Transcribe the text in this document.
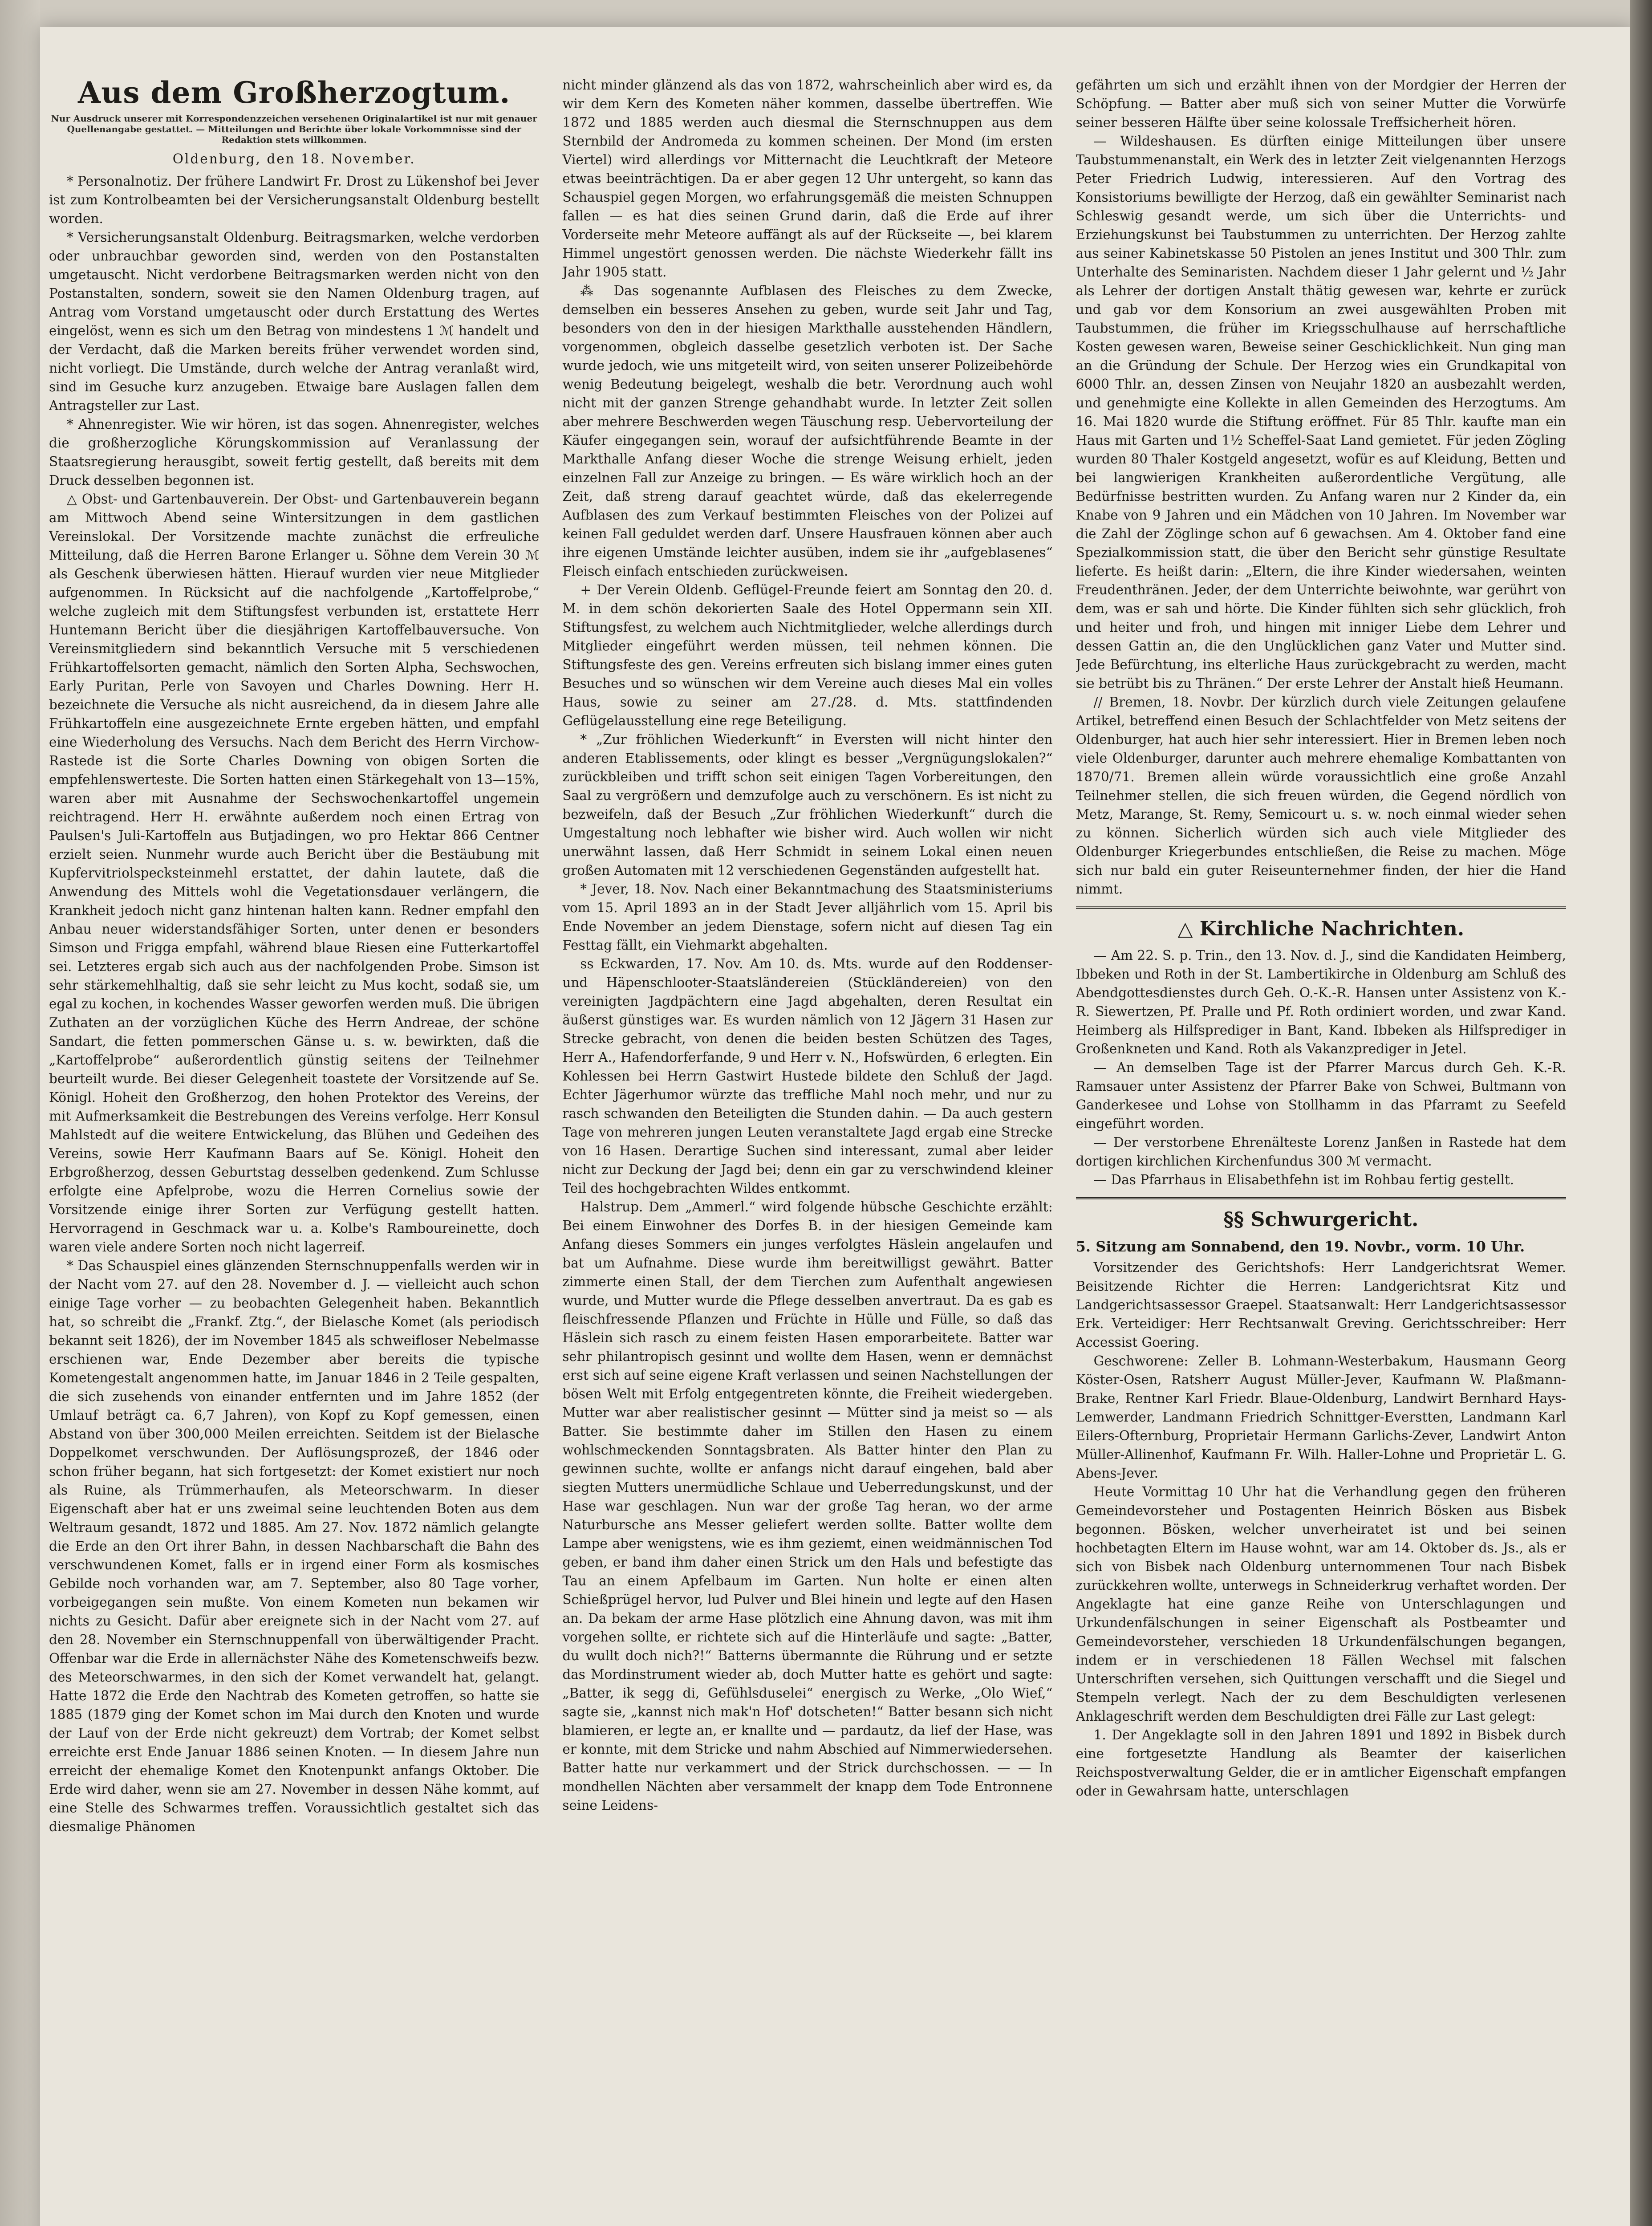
Aus dem Großherzogtum.
Nur Ausdruck unserer mit Korrespondenzzeichen versehenen Originalartikel ist nur mit genauer Quellenangabe gestattet. — Mitteilungen und Berichte über lokale Vorkommnisse sind der Redaktion stets willkommen.
Oldenburg, den 18. November.

* Personalnotiz. Der frühere Landwirt Fr. Drost zu Lükenshof bei Jever ist zum Kontrolbeamten bei der Versicherungsanstalt Oldenburg bestellt worden.

* Versicherungsanstalt Oldenburg. Beitragsmarken, welche verdorben oder unbrauchbar geworden sind, werden von den Postanstalten umgetauscht. Nicht verdorbene Beitragsmarken werden nicht von den Postanstalten, sondern, soweit sie den Namen Oldenburg tragen, auf Antrag vom Vorstand umgetauscht oder durch Erstattung des Wertes eingelöst, wenn es sich um den Betrag von mindestens 1 ℳ handelt und der Verdacht, daß die Marken bereits früher verwendet worden sind, nicht vorliegt. Die Umstände, durch welche der Antrag veranlaßt wird, sind im Gesuche kurz anzugeben. Etwaige bare Auslagen fallen dem Antragsteller zur Last.

* Ahnenregister. Wie wir hören, ist das sogen. Ahnenregister, welches die großherzogliche Körungskommission auf Veranlassung der Staatsregierung herausgibt, soweit fertig gestellt, daß bereits mit dem Druck desselben begonnen ist.

△ Obst- und Gartenbauverein. Der Obst- und Gartenbauverein begann am Mittwoch Abend seine Wintersitzungen in dem gastlichen Vereinslokal. Der Vorsitzende machte zunächst die erfreuliche Mitteilung, daß die Herren Barone Erlanger u. Söhne dem Verein 30 ℳ als Geschenk überwiesen hätten. Hierauf wurden vier neue Mitglieder aufgenommen. In Rücksicht auf die nachfolgende „Kartoffelprobe,“ welche zugleich mit dem Stiftungsfest verbunden ist, erstattete Herr Huntemann Bericht über die diesjährigen Kartoffelbauversuche. Von Vereinsmitgliedern sind bekanntlich Versuche mit 5 verschiedenen Frühkartoffelsorten gemacht, nämlich den Sorten Alpha, Sechswochen, Early Puritan, Perle von Savoyen und Charles Downing. Herr H. bezeichnete die Versuche als nicht ausreichend, da in diesem Jahre alle Frühkartoffeln eine ausgezeichnete Ernte ergeben hätten, und empfahl eine Wiederholung des Versuchs. Nach dem Bericht des Herrn Virchow-Rastede ist die Sorte Charles Downing von obigen Sorten die empfehlenswerteste. Die Sorten hatten einen Stärkegehalt von 13—15%, waren aber mit Ausnahme der Sechswochenkartoffel ungemein reichtragend. Herr H. erwähnte außerdem noch einen Ertrag von Paulsen's Juli-Kartoffeln aus Butjadingen, wo pro Hektar 866 Centner erzielt seien. Nunmehr wurde auch Bericht über die Bestäubung mit Kupfervitriolspecksteinmehl erstattet, der dahin lautete, daß die Anwendung des Mittels wohl die Vegetationsdauer verlängern, die Krankheit jedoch nicht ganz hintenan halten kann. Redner empfahl den Anbau neuer widerstandsfähiger Sorten, unter denen er besonders Simson und Frigga empfahl, während blaue Riesen eine Futterkartoffel sei. Letzteres ergab sich auch aus der nachfolgenden Probe. Simson ist sehr stärkemehlhaltig, daß sie sehr leicht zu Mus kocht, sodaß sie, um egal zu kochen, in kochendes Wasser geworfen werden muß. Die übrigen Zuthaten an der vorzüglichen Küche des Herrn Andreae, der schöne Sandart, die fetten pommerschen Gänse u. s. w. bewirkten, daß die „Kartoffelprobe“ außerordentlich günstig seitens der Teilnehmer beurteilt wurde. Bei dieser Gelegenheit toastete der Vorsitzende auf Se. Königl. Hoheit den Großherzog, den hohen Protektor des Vereins, der mit Aufmerksamkeit die Bestrebungen des Vereins verfolge. Herr Konsul Mahlstedt auf die weitere Entwickelung, das Blühen und Gedeihen des Vereins, sowie Herr Kaufmann Baars auf Se. Königl. Hoheit den Erbgroßherzog, dessen Geburtstag desselben gedenkend. Zum Schlusse erfolgte eine Apfelprobe, wozu die Herren Cornelius sowie der Vorsitzende einige ihrer Sorten zur Verfügung gestellt hatten. Hervorragend in Geschmack war u. a. Kolbe's Ramboureinette, doch waren viele andere Sorten noch nicht lagerreif.

* Das Schauspiel eines glänzenden Sternschnuppenfalls werden wir in der Nacht vom 27. auf den 28. November d. J. — vielleicht auch schon einige Tage vorher — zu beobachten Gelegenheit haben. Bekanntlich hat, so schreibt die „Frankf. Ztg.“, der Bielasche Komet (als periodisch bekannt seit 1826), der im November 1845 als schweifloser Nebelmasse erschienen war, Ende Dezember aber bereits die typische Kometengestalt angenommen hatte, im Januar 1846 in 2 Teile gespalten, die sich zusehends von einander entfernten und im Jahre 1852 (der Umlauf beträgt ca. 6,7 Jahren), von Kopf zu Kopf gemessen, einen Abstand von über 300,000 Meilen erreichten. Seitdem ist der Bielasche Doppelkomet verschwunden. Der Auflösungsprozeß, der 1846 oder schon früher begann, hat sich fortgesetzt: der Komet existiert nur noch als Ruine, als Trümmerhaufen, als Meteorschwarm. In dieser Eigenschaft aber hat er uns zweimal seine leuchtenden Boten aus dem Weltraum gesandt, 1872 und 1885. Am 27. Nov. 1872 nämlich gelangte die Erde an den Ort ihrer Bahn, in dessen Nachbarschaft die Bahn des verschwundenen Komet, falls er in irgend einer Form als kosmisches Gebilde noch vorhanden war, am 7. September, also 80 Tage vorher, vorbeigegangen sein mußte. Von einem Kometen nun bekamen wir nichts zu Gesicht. Dafür aber ereignete sich in der Nacht vom 27. auf den 28. November ein Sternschnuppenfall von überwältigender Pracht. Offenbar war die Erde in allernächster Nähe des Kometenschweifs bezw. des Meteorschwarmes, in den sich der Komet verwandelt hat, gelangt. Hatte 1872 die Erde den Nachtrab des Kometen getroffen, so hatte sie 1885 (1879 ging der Komet schon im Mai durch den Knoten und wurde der Lauf von der Erde nicht gekreuzt) dem Vortrab; der Komet selbst erreichte erst Ende Januar 1886 seinen Knoten. — In diesem Jahre nun erreicht der ehemalige Komet den Knotenpunkt anfangs Oktober. Die Erde wird daher, wenn sie am 27. November in dessen Nähe kommt, auf eine Stelle des Schwarmes treffen. Voraussichtlich gestaltet sich das diesmalige Phänomen

nicht minder glänzend als das von 1872, wahrscheinlich aber wird es, da wir dem Kern des Kometen näher kommen, dasselbe übertreffen. Wie 1872 und 1885 werden auch diesmal die Sternschnuppen aus dem Sternbild der Andromeda zu kommen scheinen. Der Mond (im ersten Viertel) wird allerdings vor Mitternacht die Leuchtkraft der Meteore etwas beeinträchtigen. Da er aber gegen 12 Uhr untergeht, so kann das Schauspiel gegen Morgen, wo erfahrungsgemäß die meisten Schnuppen fallen — es hat dies seinen Grund darin, daß die Erde auf ihrer Vorderseite mehr Meteore auffängt als auf der Rückseite —, bei klarem Himmel ungestört genossen werden. Die nächste Wiederkehr fällt ins Jahr 1905 statt.

⁂ Das sogenannte Aufblasen des Fleisches zu dem Zwecke, demselben ein besseres Ansehen zu geben, wurde seit Jahr und Tag, besonders von den in der hiesigen Markthalle ausstehenden Händlern, vorgenommen, obgleich dasselbe gesetzlich verboten ist. Der Sache wurde jedoch, wie uns mitgeteilt wird, von seiten unserer Polizeibehörde wenig Bedeutung beigelegt, weshalb die betr. Verordnung auch wohl nicht mit der ganzen Strenge gehandhabt wurde. In letzter Zeit sollen aber mehrere Beschwerden wegen Täuschung resp. Uebervorteilung der Käufer eingegangen sein, worauf der aufsichtführende Beamte in der Markthalle Anfang dieser Woche die strenge Weisung erhielt, jeden einzelnen Fall zur Anzeige zu bringen. — Es wäre wirklich hoch an der Zeit, daß streng darauf geachtet würde, daß das ekelerregende Aufblasen des zum Verkauf bestimmten Fleisches von der Polizei auf keinen Fall geduldet werden darf. Unsere Hausfrauen können aber auch ihre eigenen Umstände leichter ausüben, indem sie ihr „aufgeblasenes“ Fleisch einfach entschieden zurückweisen.

+ Der Verein Oldenb. Geflügel-Freunde feiert am Sonntag den 20. d. M. in dem schön dekorierten Saale des Hotel Oppermann sein XII. Stiftungsfest, zu welchem auch Nichtmitglieder, welche allerdings durch Mitglieder eingeführt werden müssen, teil nehmen können. Die Stiftungsfeste des gen. Vereins erfreuten sich bislang immer eines guten Besuches und so wünschen wir dem Vereine auch dieses Mal ein volles Haus, sowie zu seiner am 27./28. d. Mts. stattfindenden Geflügelausstellung eine rege Beteiligung.

* „Zur fröhlichen Wiederkunft“ in Eversten will nicht hinter den anderen Etablissements, oder klingt es besser „Vergnügungslokalen?“ zurückbleiben und trifft schon seit einigen Tagen Vorbereitungen, den Saal zu vergrößern und demzufolge auch zu verschönern. Es ist nicht zu bezweifeln, daß der Besuch „Zur fröhlichen Wiederkunft“ durch die Umgestaltung noch lebhafter wie bisher wird. Auch wollen wir nicht unerwähnt lassen, daß Herr Schmidt in seinem Lokal einen neuen großen Automaten mit 12 verschiedenen Gegenständen aufgestellt hat.

* Jever, 18. Nov. Nach einer Bekanntmachung des Staatsministeriums vom 15. April 1893 an in der Stadt Jever alljährlich vom 15. April bis Ende November an jedem Dienstage, sofern nicht auf diesen Tag ein Festtag fällt, ein Viehmarkt abgehalten.

ss Eckwarden, 17. Nov. Am 10. ds. Mts. wurde auf den Roddenser- und Häpenschlooter-Staatsländereien (Stückländereien) von den vereinigten Jagdpächtern eine Jagd abgehalten, deren Resultat ein äußerst günstiges war. Es wurden nämlich von 12 Jägern 31 Hasen zur Strecke gebracht, von denen die beiden besten Schützen des Tages, Herr A., Hafendorferfande, 9 und Herr v. N., Hofswürden, 6 erlegten. Ein Kohlessen bei Herrn Gastwirt Hustede bildete den Schluß der Jagd. Echter Jägerhumor würzte das treffliche Mahl noch mehr, und nur zu rasch schwanden den Beteiligten die Stunden dahin. — Da auch gestern Tage von mehreren jungen Leuten veranstaltete Jagd ergab eine Strecke von 16 Hasen. Derartige Suchen sind interessant, zumal aber leider nicht zur Deckung der Jagd bei; denn ein gar zu verschwindend kleiner Teil des hochgebrachten Wildes entkommt.

Halstrup. Dem „Ammerl.“ wird folgende hübsche Geschichte erzählt: Bei einem Einwohner des Dorfes B. in der hiesigen Gemeinde kam Anfang dieses Sommers ein junges verfolgtes Häslein angelaufen und bat um Aufnahme. Diese wurde ihm bereitwilligst gewährt. Batter zimmerte einen Stall, der dem Tierchen zum Aufenthalt angewiesen wurde, und Mutter wurde die Pflege desselben anvertraut. Da es gab es fleischfressende Pflanzen und Früchte in Hülle und Fülle, so daß das Häslein sich rasch zu einem feisten Hasen emporarbeitete. Batter war sehr philantropisch gesinnt und wollte dem Hasen, wenn er demnächst erst sich auf seine eigene Kraft verlassen und seinen Nachstellungen der bösen Welt mit Erfolg entgegentreten könnte, die Freiheit wiedergeben. Mutter war aber realistischer gesinnt — Mütter sind ja meist so — als Batter. Sie bestimmte daher im Stillen den Hasen zu einem wohlschmeckenden Sonntagsbraten. Als Batter hinter den Plan zu gewinnen suchte, wollte er anfangs nicht darauf eingehen, bald aber siegten Mutters unermüdliche Schlaue und Ueberredungskunst, und der Hase war geschlagen. Nun war der große Tag heran, wo der arme Naturbursche ans Messer geliefert werden sollte. Batter wollte dem Lampe aber wenigstens, wie es ihm geziemt, einen weidmännischen Tod geben, er band ihm daher einen Strick um den Hals und befestigte das Tau an einem Apfelbaum im Garten. Nun holte er einen alten Schießprügel hervor, lud Pulver und Blei hinein und legte auf den Hasen an. Da bekam der arme Hase plötzlich eine Ahnung davon, was mit ihm vorgehen sollte, er richtete sich auf die Hinterläufe und sagte: „Batter, du wullt doch nich?!“ Batterns übermannte die Rührung und er setzte das Mordinstrument wieder ab, doch Mutter hatte es gehört und sagte: „Batter, ik segg di, Gefühlsduselei“ energisch zu Werke, „Olo Wief,“ sagte sie, „kannst nich mak'n Hof' dotscheten!“ Batter besann sich nicht blamieren, er legte an, er knallte und — pardautz, da lief der Hase, was er konnte, mit dem Stricke und nahm Abschied auf Nimmerwiedersehen. Batter hatte nur verkammert und der Strick durchschossen. — — In mondhellen Nächten aber versammelt der knapp dem Tode Entronnene seine Leidens-

gefährten um sich und erzählt ihnen von der Mordgier der Herren der Schöpfung. — Batter aber muß sich von seiner Mutter die Vorwürfe seiner besseren Hälfte über seine kolossale Treffsicherheit hören.

— Wildeshausen. Es dürften einige Mitteilungen über unsere Taubstummenanstalt, ein Werk des in letzter Zeit vielgenannten Herzogs Peter Friedrich Ludwig, interessieren. Auf den Vortrag des Konsistoriums bewilligte der Herzog, daß ein gewählter Seminarist nach Schleswig gesandt werde, um sich über die Unterrichts- und Erziehungskunst bei Taubstummen zu unterrichten. Der Herzog zahlte aus seiner Kabinetskasse 50 Pistolen an jenes Institut und 300 Thlr. zum Unterhalte des Seminaristen. Nachdem dieser 1 Jahr gelernt und ½ Jahr als Lehrer der dortigen Anstalt thätig gewesen war, kehrte er zurück und gab vor dem Konsorium an zwei ausgewählten Proben mit Taubstummen, die früher im Kriegsschulhause auf herrschaftliche Kosten gewesen waren, Beweise seiner Geschicklichkeit. Nun ging man an die Gründung der Schule. Der Herzog wies ein Grundkapital von 6000 Thlr. an, dessen Zinsen von Neujahr 1820 an ausbezahlt werden, und genehmigte eine Kollekte in allen Gemeinden des Herzogtums. Am 16. Mai 1820 wurde die Stiftung eröffnet. Für 85 Thlr. kaufte man ein Haus mit Garten und 1½ Scheffel-Saat Land gemietet. Für jeden Zögling wurden 80 Thaler Kostgeld angesetzt, wofür es auf Kleidung, Betten und bei langwierigen Krankheiten außerordentliche Vergütung, alle Bedürfnisse bestritten wurden. Zu Anfang waren nur 2 Kinder da, ein Knabe von 9 Jahren und ein Mädchen von 10 Jahren. Im November war die Zahl der Zöglinge schon auf 6 gewachsen. Am 4. Oktober fand eine Spezialkommission statt, die über den Bericht sehr günstige Resultate lieferte. Es heißt darin: „Eltern, die ihre Kinder wiedersahen, weinten Freudenthränen. Jeder, der dem Unterrichte beiwohnte, war gerührt von dem, was er sah und hörte. Die Kinder fühlten sich sehr glücklich, froh und heiter und froh, und hingen mit inniger Liebe dem Lehrer und dessen Gattin an, die den Unglücklichen ganz Vater und Mutter sind. Jede Befürchtung, ins elterliche Haus zurückgebracht zu werden, macht sie betrübt bis zu Thränen.“ Der erste Lehrer der Anstalt hieß Heumann.

// Bremen, 18. Novbr. Der kürzlich durch viele Zeitungen gelaufene Artikel, betreffend einen Besuch der Schlachtfelder von Metz seitens der Oldenburger, hat auch hier sehr interessiert. Hier in Bremen leben noch viele Oldenburger, darunter auch mehrere ehemalige Kombattanten von 1870/71. Bremen allein würde voraussichtlich eine große Anzahl Teilnehmer stellen, die sich freuen würden, die Gegend nördlich von Metz, Marange, St. Remy, Semicourt u. s. w. noch einmal wieder sehen zu können. Sicherlich würden sich auch viele Mitglieder des Oldenburger Kriegerbundes entschließen, die Reise zu machen. Möge sich nur bald ein guter Reiseunternehmer finden, der hier die Hand nimmt.

△ Kirchliche Nachrichten.

— Am 22. S. p. Trin., den 13. Nov. d. J., sind die Kandidaten Heimberg, Ibbeken und Roth in der St. Lambertikirche in Oldenburg am Schluß des Abendgottesdienstes durch Geh. O.-K.-R. Hansen unter Assistenz von K.-R. Siewertzen, Pf. Pralle und Pf. Roth ordiniert worden, und zwar Kand. Heimberg als Hilfsprediger in Bant, Kand. Ibbeken als Hilfsprediger in Großenkneten und Kand. Roth als Vakanzprediger in Jetel.

— An demselben Tage ist der Pfarrer Marcus durch Geh. K.-R. Ramsauer unter Assistenz der Pfarrer Bake von Schwei, Bultmann von Ganderkesee und Lohse von Stollhamm in das Pfarramt zu Seefeld eingeführt worden.

— Der verstorbene Ehrenälteste Lorenz Janßen in Rastede hat dem dortigen kirchlichen Kirchenfundus 300 ℳ vermacht.

— Das Pfarrhaus in Elisabethfehn ist im Rohbau fertig gestellt.

§§ Schwurgericht.
5. Sitzung am Sonnabend, den 19. Novbr., vorm. 10 Uhr.

Vorsitzender des Gerichtshofs: Herr Landgerichtsrat Wemer. Beisitzende Richter die Herren: Landgerichtsrat Kitz und Landgerichtsassessor Graepel. Staatsanwalt: Herr Landgerichtsassessor Erk. Verteidiger: Herr Rechtsanwalt Greving. Gerichtsschreiber: Herr Accessist Goering.

Geschworene: Zeller B. Lohmann-Westerbakum, Hausmann Georg Köster-Osen, Ratsherr August Müller-Jever, Kaufmann W. Plaßmann-Brake, Rentner Karl Friedr. Blaue-Oldenburg, Landwirt Bernhard Hays-Lemwerder, Landmann Friedrich Schnittger-Everstten, Landmann Karl Eilers-Ofternburg, Proprietair Hermann Garlichs-Zever, Landwirt Anton Müller-Allinenhof, Kaufmann Fr. Wilh. Haller-Lohne und Proprietär L. G. Abens-Jever.

Heute Vormittag 10 Uhr hat die Verhandlung gegen den früheren Gemeindevorsteher und Postagenten Heinrich Bösken aus Bisbek begonnen. Bösken, welcher unverheiratet ist und bei seinen hochbetagten Eltern im Hause wohnt, war am 14. Oktober ds. Js., als er sich von Bisbek nach Oldenburg unternommenen Tour nach Bisbek zurückkehren wollte, unterwegs in Schneiderkrug verhaftet worden. Der Angeklagte hat eine ganze Reihe von Unterschlagungen und Urkundenfälschungen in seiner Eigenschaft als Postbeamter und Gemeindevorsteher, verschieden 18 Urkundenfälschungen begangen, indem er in verschiedenen 18 Fällen Wechsel mit falschen Unterschriften versehen, sich Quittungen verschafft und die Siegel und Stempeln verlegt. Nach der zu dem Beschuldigten verlesenen Anklageschrift werden dem Beschuldigten drei Fälle zur Last gelegt:

1. Der Angeklagte soll in den Jahren 1891 und 1892 in Bisbek durch eine fortgesetzte Handlung als Beamter der kaiserlichen Reichspostverwaltung Gelder, die er in amtlicher Eigenschaft empfangen oder in Gewahrsam hatte, unterschlagen
